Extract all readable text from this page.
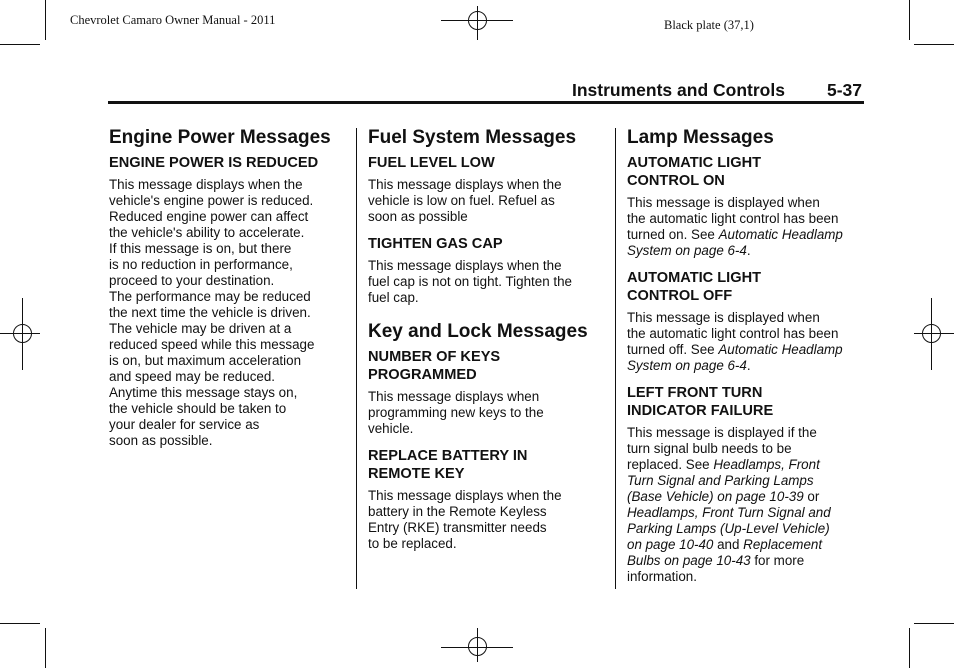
Chevrolet Camaro Owner Manual - 2011	Black plate (37,1)
Instruments and Controls 5-37
Engine Power Messages
ENGINE POWER IS REDUCED
This message displays when the
vehicle's engine power is reduced.
Reduced engine power can affect
the vehicle's ability to accelerate.
If this message is on, but there
is no reduction in performance,
proceed to your destination.
The performance may be reduced
the next time the vehicle is driven.
The vehicle may be driven at a
reduced speed while this message
is on, but maximum acceleration
and speed may be reduced.
Anytime this message stays on,
the vehicle should be taken to
your dealer for service as
soon as possible.
Fuel System Messages
FUEL LEVEL LOW
This message displays when the
vehicle is low on fuel. Refuel as
soon as possible
TIGHTEN GAS CAP
This message displays when the
fuel cap is not on tight. Tighten the
fuel cap.
Key and Lock Messages
NUMBER OF KEYS
PROGRAMMED
This message displays when
programming new keys to the
vehicle.
REPLACE BATTERY IN
REMOTE KEY
This message displays when the
battery in the Remote Keyless
Entry (RKE) transmitter needs
to be replaced.
Lamp Messages
AUTOMATIC LIGHT
CONTROL ON
This message is displayed when
the automatic light control has been
turned on. See Automatic Headlamp
System on page 6-4.
AUTOMATIC LIGHT
CONTROL OFF
This message is displayed when
the automatic light control has been
turned off. See Automatic Headlamp
System on page 6-4.
LEFT FRONT TURN
INDICATOR FAILURE
This message is displayed if the
turn signal bulb needs to be
replaced. See Headlamps, Front
Turn Signal and Parking Lamps
(Base Vehicle) on page 10-39 or
Headlamps, Front Turn Signal and
Parking Lamps (Up-Level Vehicle)
on page 10-40 and Replacement
Bulbs on page 10-43 for more
information.
